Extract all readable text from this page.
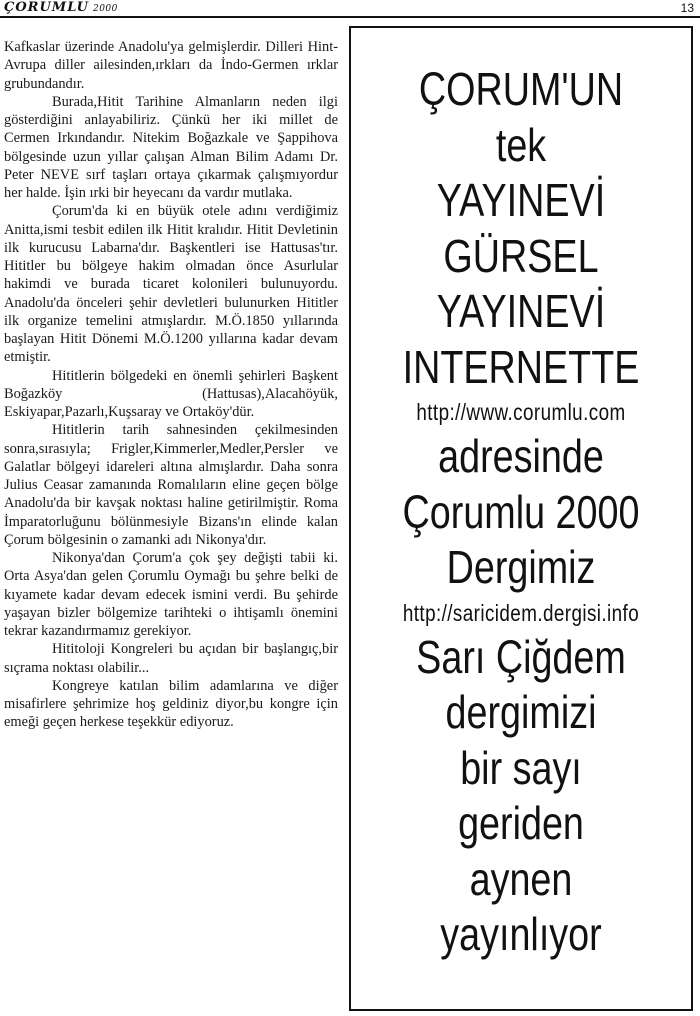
ÇORUMLU 2000	13

Kafkaslar üzerinde Anadolu'ya gelmişlerdir. Dilleri Hint-Avrupa diller ailesinden,ırkları da İndo-Germen ırklar grubundandır.

Burada,Hitit Tarihine Almanların neden ilgi gösterdiğini anlayabiliriz. Çünkü her iki millet de Cermen Irkındandır. Nitekim Boğazkale ve Şappihova bölgesinde uzun yıllar çalışan Alman Bilim Adamı Dr. Peter NEVE sırf taşları ortaya çıkarmak çalışmıyordur her halde. İşin ırki bir heyecanı da vardır mutlaka.

Çorum'da ki en büyük otele adını verdiğimiz Anitta,ismi tesbit edilen ilk Hitit kralıdır. Hitit Devletinin ilk kurucusu Labarna'dır. Başkentleri ise Hattusas'tır. Hititler bu bölgeye hakim olmadan önce Asurlular hakimdi ve burada ticaret kolonileri bulunuyordu. Anadolu'da önceleri şehir devletleri bulunurken Hititler ilk organize temelini atmışlardır. M.Ö.1850 yıllarında başlayan Hitit Dönemi M.Ö.1200 yıllarına kadar devam etmiştir.

Hititlerin bölgedeki en önemli şehirleri Başkent Boğazköy (Hattusas),Alacahöyük, Eskiyapar,Pazarlı,Kuşsaray ve Ortaköy'dür.

Hititlerin tarih sahnesinden çekilmesinden sonra,sırasıyla; Frigler,Kimmerler,Medler,Persler ve Galatlar bölgeyi idareleri altına almışlardır. Daha sonra Julius Ceasar zamanında Romalıların eline geçen bölge Anadolu'da bir kavşak noktası haline getirilmiştir. Roma İmparatorluğunu bölünmesiyle Bizans'ın elinde kalan Çorum bölgesinin o zamanki adı Nikonya'dır.

Nikonya'dan Çorum'a çok şey değişti tabii ki. Orta Asya'dan gelen Çorumlu Oymağı bu şehre belki de kıyamete kadar devam edecek ismini verdi. Bu şehirde yaşayan bizler bölgemize tarihteki o ihtişamlı önemini tekrar kazandırmamız gerekiyor.

Hititoloji Kongreleri bu açıdan bir başlangıç,bir sıçrama noktası olabilir...

Kongreye katılan bilim adamlarına ve diğer misafirlere şehrimize hoş geldiniz diyor,bu kongre için emeği geçen herkese teşekkür ediyoruz.

ÇORUM'UN
tek
YAYINEVİ
GÜRSEL
YAYINEVİ
INTERNETTE
http://www.corumlu.com
adresinde
Çorumlu 2000
Dergimiz
http://saricidem.dergisi.info
Sarı Çiğdem
dergimizi
bir sayı
geriden
aynen
yayınlıyor
